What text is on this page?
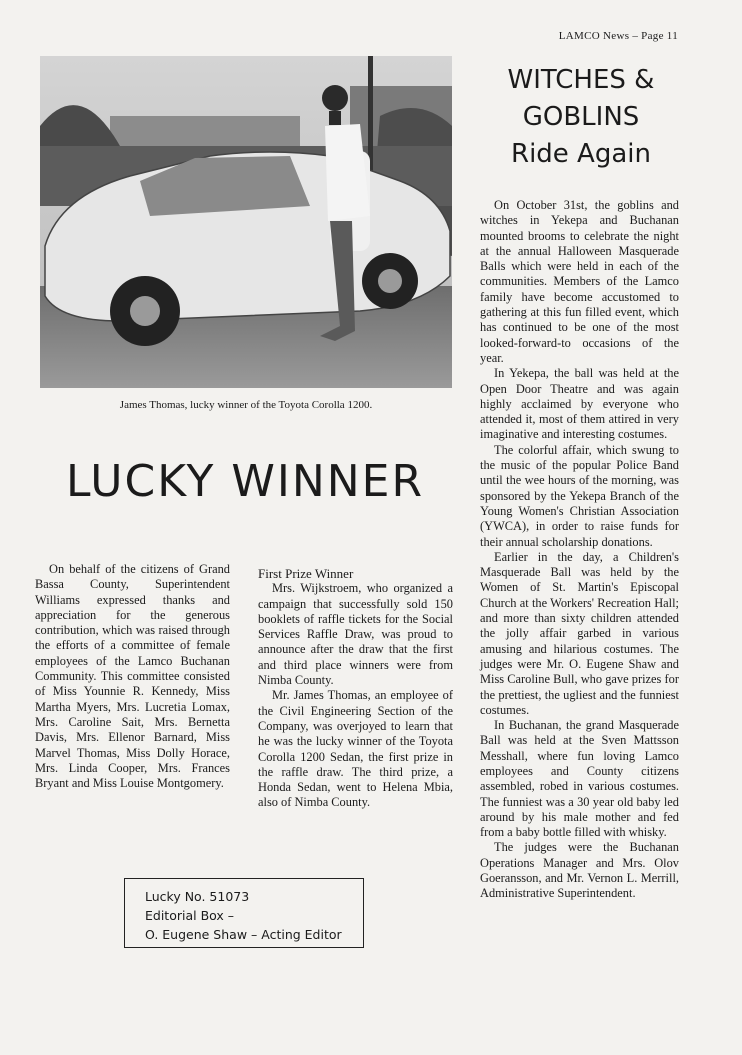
LAMCO News – Page 11
James Thomas, lucky winner of the Toyota Corolla 1200.
LUCKY WINNER

On behalf of the citizens of Grand Bassa County, Superintendent Williams expressed thanks and appreciation for the generous contribution, which was raised through the efforts of a committee of female employees of the Lamco Buchanan Community. This committee consisted of Miss Younnie R. Kennedy, Miss Martha Myers, Mrs. Lucretia Lomax, Mrs. Caroline Sait, Mrs. Bernetta Davis, Mrs. Ellenor Barnard, Miss Marvel Thomas, Miss Dolly Horace, Mrs. Linda Cooper, Mrs. Frances Bryant and Miss Louise Montgomery.

First Prize Winner

Mrs. Wijkstroem, who organized a campaign that successfully sold 150 booklets of raffle tickets for the Social Services Raffle Draw, was proud to announce after the draw that the first and third place winners were from Nimba County.

Mr. James Thomas, an employee of the Civil Engineering Section of the Company, was overjoyed to learn that he was the lucky winner of the Toyota Corolla 1200 Sedan, the first prize in the raffle draw. The third prize, a Honda Sedan, went to Helena Mbia, also of Nimba County.

WITCHES &
GOBLINS
Ride Again

On October 31st, the goblins and witches in Yekepa and Buchanan mounted brooms to celebrate the night at the annual Halloween Masquerade Balls which were held in each of the communities. Members of the Lamco family have become accustomed to gathering at this fun filled event, which has continued to be one of the most looked-forward-to occasions of the year.

In Yekepa, the ball was held at the Open Door Theatre and was again highly acclaimed by everyone who attended it, most of them attired in very imaginative and interesting costumes.

The colorful affair, which swung to the music of the popular Police Band until the wee hours of the morning, was sponsored by the Yekepa Branch of the Young Women's Christian Association (YWCA), in order to raise funds for their annual scholarship donations.

Earlier in the day, a Children's Masquerade Ball was held by the Women of St. Martin's Episcopal Church at the Workers' Recreation Hall; and more than sixty children attended the jolly affair garbed in various amusing and hilarious costumes. The judges were Mr. O. Eugene Shaw and Miss Caroline Bull, who gave prizes for the prettiest, the ugliest and the funniest costumes.

In Buchanan, the grand Masquerade Ball was held at the Sven Mattsson Messhall, where fun loving Lamco employees and County citizens assembled, robed in various costumes. The funniest was a 30 year old baby led around by his male mother and fed from a baby bottle filled with whisky.

The judges were the Buchanan Operations Manager and Mrs. Olov Goeransson, and Mr. Vernon L. Merrill, Administrative Superintendent.

Lucky No. 51073
Editorial Box –
O. Eugene Shaw – Acting Editor
